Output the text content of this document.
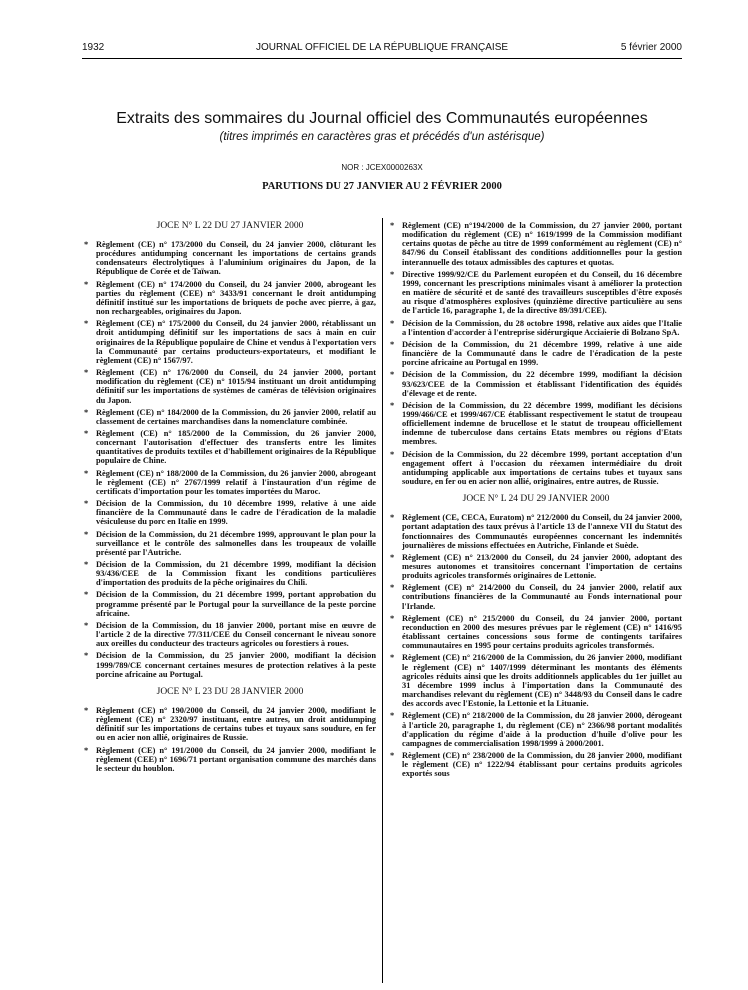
1932	JOURNAL OFFICIEL DE LA RÉPUBLIQUE FRANÇAISE	5 février 2000
Extraits des sommaires du Journal officiel des Communautés européennes
(titres imprimés en caractères gras et précédés d'un astérisque)
NOR : JCEX0000263X
PARUTIONS DU 27 JANVIER AU 2 FÉVRIER 2000
JOCE N° L 22 DU 27 JANVIER 2000
* Règlement (CE) n° 173/2000 du Conseil, du 24 janvier 2000, clôturant les procédures antidumping concernant les importations de certains grands condensateurs électrolytiques à l'aluminium originaires du Japon, de la République de Corée et de Taïwan.
* Règlement (CE) n° 174/2000 du Conseil, du 24 janvier 2000, abrogeant les parties du règlement (CEE) n° 3433/91 concernant le droit antidumping définitif institué sur les importations de briquets de poche avec pierre, à gaz, non rechargeables, originaires du Japon.
* Règlement (CE) n° 175/2000 du Conseil, du 24 janvier 2000, rétablissant un droit antidumping définitif sur les importations de sacs à main en cuir originaires de la République populaire de Chine et vendus à l'exportation vers la Communauté par certains producteurs-exportateurs, et modifiant le règlement (CE) n° 1567/97.
* Règlement (CE) n° 176/2000 du Conseil, du 24 janvier 2000, portant modification du règlement (CE) n° 1015/94 instituant un droit antidumping définitif sur les importations de systèmes de caméras de télévision originaires du Japon.
* Règlement (CE) n° 184/2000 de la Commission, du 26 janvier 2000, relatif au classement de certaines marchandises dans la nomenclature combinée.
* Règlement (CE) n° 185/2000 de la Commission, du 26 janvier 2000, concernant l'autorisation d'effectuer des transferts entre les limites quantitatives de produits textiles et d'habillement originaires de la République populaire de Chine.
* Règlement (CE) n° 188/2000 de la Commission, du 26 janvier 2000, abrogeant le règlement (CE) n° 2767/1999 relatif à l'instauration d'un régime de certificats d'importation pour les tomates importées du Maroc.
* Décision de la Commission, du 10 décembre 1999, relative à une aide financière de la Communauté dans le cadre de l'éradication de la maladie vésiculeuse du porc en Italie en 1999.
* Décision de la Commission, du 21 décembre 1999, approuvant le plan pour la surveillance et le contrôle des salmonelles dans les troupeaux de volaille présenté par l'Autriche.
* Décision de la Commission, du 21 décembre 1999, modifiant la décision 93/436/CEE de la Commission fixant les conditions particulières d'importation des produits de la pêche originaires du Chili.
* Décision de la Commission, du 21 décembre 1999, portant approbation du programme présenté par le Portugal pour la surveillance de la peste porcine africaine.
* Décision de la Commission, du 18 janvier 2000, portant mise en œuvre de l'article 2 de la directive 77/311/CEE du Conseil concernant le niveau sonore aux oreilles du conducteur des tracteurs agricoles ou forestiers à roues.
* Décision de la Commission, du 25 janvier 2000, modifiant la décision 1999/789/CE concernant certaines mesures de protection relatives à la peste porcine africaine au Portugal.
JOCE N° L 23 DU 28 JANVIER 2000
* Règlement (CE) n° 190/2000 du Conseil, du 24 janvier 2000, modifiant le règlement (CE) n° 2320/97 instituant, entre autres, un droit antidumping définitif sur les importations de certains tubes et tuyaux sans soudure, en fer ou en acier non allié, originaires de Russie.
* Règlement (CE) n° 191/2000 du Conseil, du 24 janvier 2000, modifiant le règlement (CEE) n° 1696/71 portant organisation commune des marchés dans le secteur du houblon.
* Règlement (CE) n°194/2000 de la Commission, du 27 janvier 2000, portant modification du règlement (CE) n° 1619/1999 de la Commission modifiant certains quotas de pêche au titre de 1999 conformément au règlement (CE) n° 847/96 du Conseil établissant des conditions additionnelles pour la gestion interannuelle des totaux admissibles des captures et quotas.
* Directive 1999/92/CE du Parlement européen et du Conseil, du 16 décembre 1999, concernant les prescriptions minimales visant à améliorer la protection en matière de sécurité et de santé des travailleurs susceptibles d'être exposés au risque d'atmosphères explosives (quinzième directive particulière au sens de l'article 16, paragraphe 1, de la directive 89/391/CEE).
* Décision de la Commission, du 28 octobre 1998, relative aux aides que l'Italie a l'intention d'accorder à l'entreprise sidérurgique Acciaierie di Bolzano SpA.
* Décision de la Commission, du 21 décembre 1999, relative à une aide financière de la Communauté dans le cadre de l'éradication de la peste porcine africaine au Portugal en 1999.
* Décision de la Commission, du 22 décembre 1999, modifiant la décision 93/623/CEE de la Commission et établissant l'identification des équidés d'élevage et de rente.
* Décision de la Commission, du 22 décembre 1999, modifiant les décisions 1999/466/CE et 1999/467/CE établissant respectivement le statut de troupeau officiellement indemne de brucellose et le statut de troupeau officiellement indemne de tuberculose dans certains Etats membres ou régions d'Etats membres.
* Décision de la Commission, du 22 décembre 1999, portant acceptation d'un engagement offert à l'occasion du réexamen intermédiaire du droit antidumping applicable aux importations de certains tubes et tuyaux sans soudure, en fer ou en acier non allié, originaires, entre autres, de Russie.
JOCE N° L 24 DU 29 JANVIER 2000
* Règlement (CE, CECA, Euratom) n° 212/2000 du Conseil, du 24 janvier 2000, portant adaptation des taux prévus à l'article 13 de l'annexe VII du Statut des fonctionnaires des Communautés européennes concernant les indemnités journalières de missions effectuées en Autriche, Finlande et Suède.
* Règlement (CE) n° 213/2000 du Conseil, du 24 janvier 2000, adoptant des mesures autonomes et transitoires concernant l'importation de certains produits agricoles transformés originaires de Lettonie.
* Règlement (CE) n° 214/2000 du Conseil, du 24 janvier 2000, relatif aux contributions financières de la Communauté au Fonds international pour l'Irlande.
* Règlement (CE) n° 215/2000 du Conseil, du 24 janvier 2000, portant reconduction en 2000 des mesures prévues par le règlement (CE) n° 1416/95 établissant certaines concessions sous forme de contingents tarifaires communautaires en 1995 pour certains produits agricoles transformés.
* Règlement (CE) n° 216/2000 de la Commission, du 26 janvier 2000, modifiant le règlement (CE) n° 1407/1999 déterminant les montants des éléments agricoles réduits ainsi que les droits additionnels applicables du 1er juillet au 31 décembre 1999 inclus à l'importation dans la Communauté des marchandises relevant du règlement (CE) n° 3448/93 du Conseil dans le cadre des accords avec l'Estonie, la Lettonie et la Lituanie.
* Règlement (CE) n° 218/2000 de la Commission, du 28 janvier 2000, dérogeant à l'article 20, paragraphe 1, du règlement (CE) n° 2366/98 portant modalités d'application du régime d'aide à la production d'huile d'olive pour les campagnes de commercialisation 1998/1999 à 2000/2001.
* Règlement (CE) n° 238/2000 de la Commission, du 28 janvier 2000, modifiant le règlement (CE) n° 1222/94 établissant pour certains produits agricoles exportés sous
